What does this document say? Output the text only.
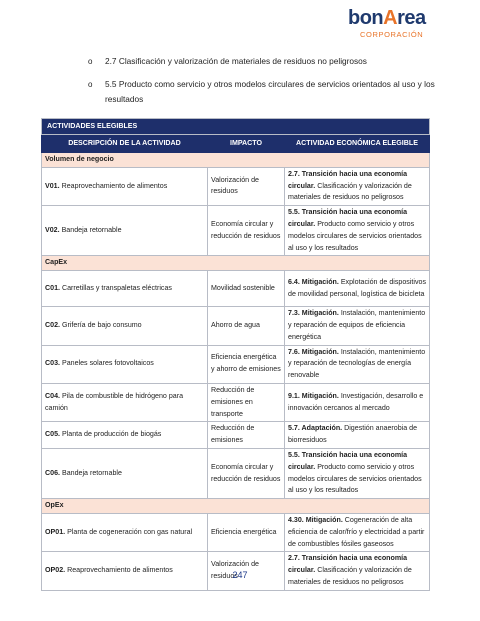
bonArea
CORPORACIÓN
o	2.7 Clasificación y valorización de materiales de residuos no peligrosos
o	5.5 Producto como servicio y otros modelos circulares de servicios orientados al uso y los resultados
ACTIVIDADES ELEGIBLES		
DESCRIPCIÓN DE LA ACTIVIDAD	IMPACTO	ACTIVIDAD ECONÓMICA ELEGIBLE
Volumen de negocio		
V01. Reaprovechamiento de alimentos	Valorización de residuos	2.7. Transición hacia una economía circular. Clasificación y valorización de materiales de residuos no peligrosos
V02. Bandeja retornable	Economía circular y reducción de residuos	5.5. Transición hacia una economía circular. Producto como servicio y otros modelos circulares de servicios orientados al uso y los resultados
CapEx		
C01. Carretillas y transpaletas eléctricas	Movilidad sostenible	6.4. Mitigación. Explotación de dispositivos de movilidad personal, logística de bicicleta
C02. Grifería de bajo consumo	Ahorro de agua	7.3. Mitigación. Instalación, mantenimiento y reparación de equipos de eficiencia energética
C03. Paneles solares fotovoltaicos	Eficiencia energética y ahorro de emisiones	7.6. Mitigación. Instalación, mantenimiento y reparación de tecnologías de energía renovable
C04. Pila de combustible de hidrógeno para camión	Reducción de emisiones en transporte	9.1. Mitigación. Investigación, desarrollo e innovación cercanos al mercado
C05. Planta de producción de biogás	Reducción de emisiones	5.7. Adaptación. Digestión anaerobia de biorresiduos
C06. Bandeja retornable	Economía circular y reducción de residuos	5.5. Transición hacia una economía circular. Producto como servicio y otros modelos circulares de servicios orientados al uso y los resultados
OpEx		
OP01. Planta de cogeneración con gas natural	Eficiencia energética	4.30. Mitigación. Cogeneración de alta eficiencia de calor/frío y electricidad a partir de combustibles fósiles gaseosos
OP02. Reaprovechamiento de alimentos	Valorización de residuos	2.7. Transición hacia una economía circular. Clasificación y valorización de materiales de residuos no peligrosos
247
